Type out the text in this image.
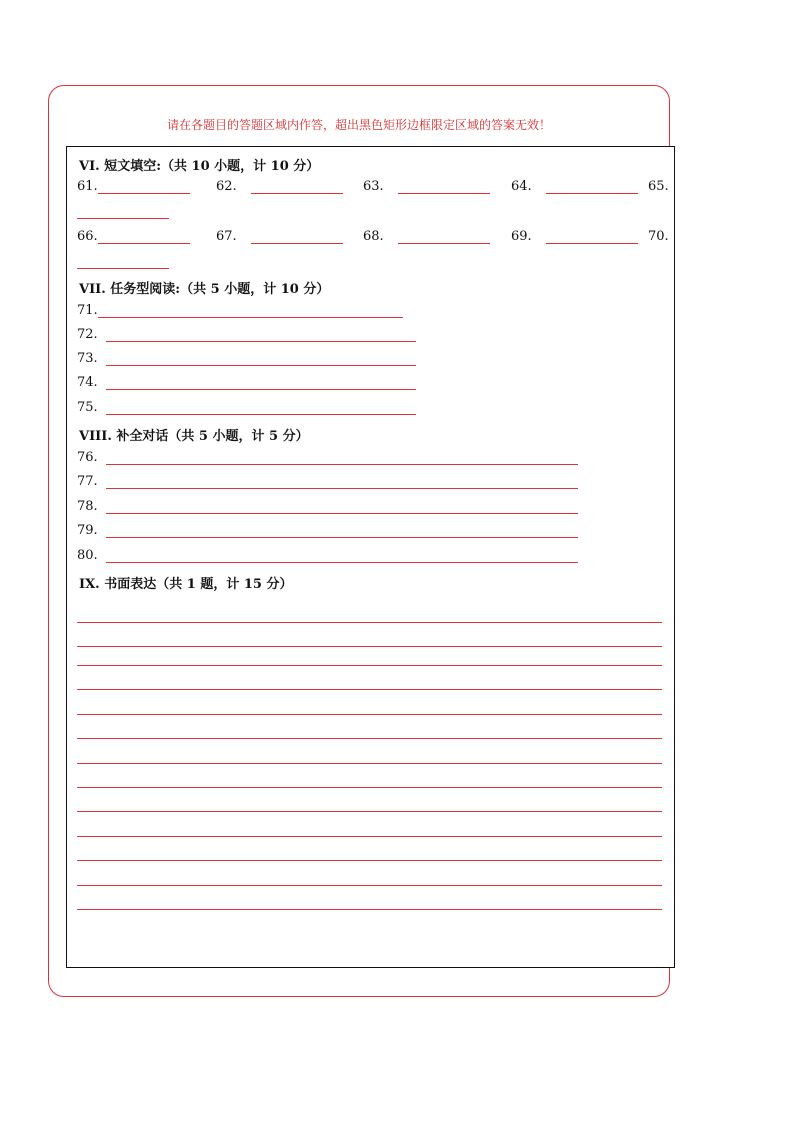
请在各题目的答题区域内作答，超出黑色矩形边框限定区域的答案无效！
VI. 短文填空:（共 10 小题，计 10 分）
61.	62.	63.	64.	65.
66.	67.	68.	69.	70.
VII. 任务型阅读:（共 5 小题，计 10 分）
71.
72.
73.
74.
75.
VIII. 补全对话（共 5 小题，计 5 分）
76.
77.
78.
79.
80.
IX. 书面表达（共 1 题，计 15 分）
